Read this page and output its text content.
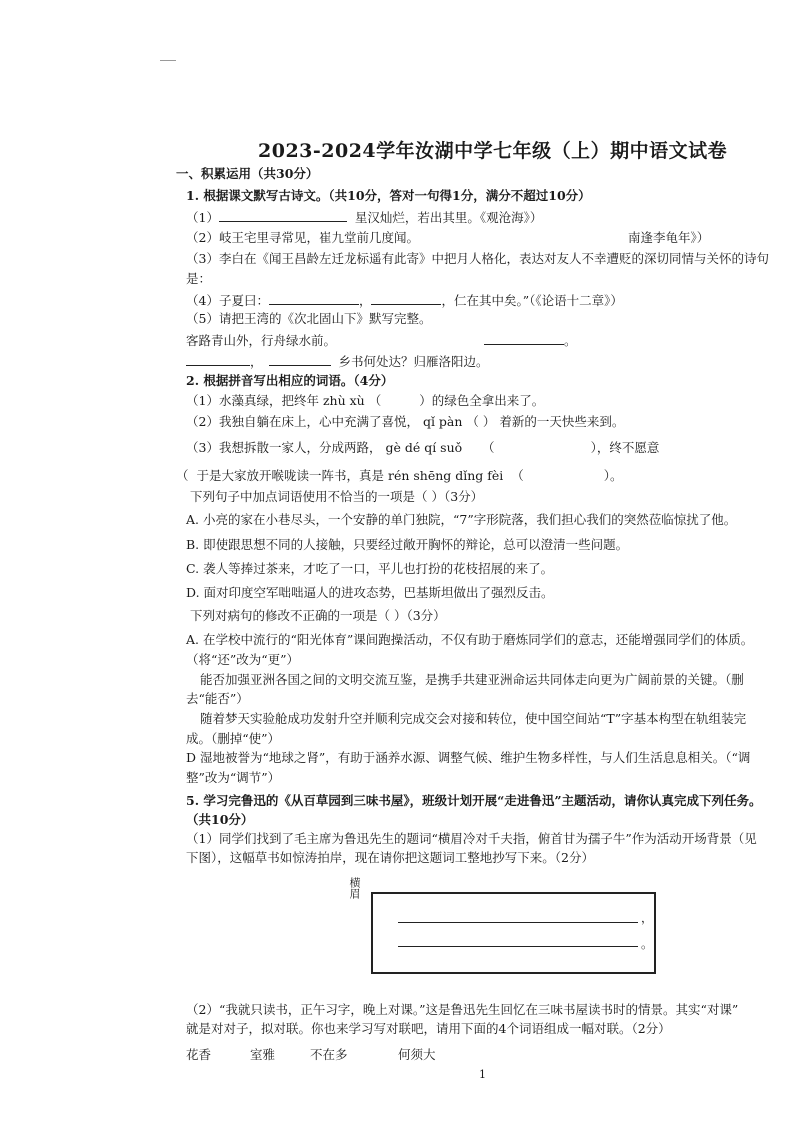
2023-2024学年汝湖中学七年级（上）期中语文试卷
一、积累运用（共30分）
1. 根据课文默写古诗文。（共10分，答对一句得1分，满分不超过10分）
（1）	星汉灿烂，若出其里。《观沧海》）
（2）岐王宅里寻常见，崔九堂前几度闻。	南逢李龟年》）
（3）李白在《闻王昌龄左迁龙标遥有此寄》中把月人格化，表达对友人不幸遭贬的深切同情与关怀的诗句
是：
（4）子夏曰：	，	，仁在其中矣。”（《论语十二章》）
（5）请把王湾的《次北固山下》默写完整。
客路青山外，行舟绿水前。	。
，	乡书何处达？归雁洛阳边。
2. 根据拼音写出相应的词语。（4分）
（1）水藻真绿，把终年 zhù xù （	）的绿色全拿出来了。
（2）我独自躺在床上，心中充满了喜悦， qǐ pàn （ ） 着新的一天快些来到。
（3）我想拆散一家人，分成两路， gè dé qí suǒ （	），终不愿意
（ 于是大家放开喉咙读一阵书，真是 rén shēng dǐng fèi （	）。
下列句子中加点词语使用不恰当的一项是（ ）（3分）
A. 小亮的家在小巷尽头，一个安静的单门独院，“7”字形院落，我们担心我们的突然莅临惊扰了他。
B. 即使跟思想不同的人接触，只要经过敞开胸怀的辩论，总可以澄清一些问题。
C. 袭人等捧过茶来，才吃了一口，平儿也打扮的花枝招展的来了。
D. 面对印度空军咄咄逼人的进攻态势，巴基斯坦做出了强烈反击。
下列对病句的修改不正确的一项是（ ）（3分）
A. 在学校中流行的“阳光体育”课间跑操活动，不仅有助于磨炼同学们的意志，还能增强同学们的体质。
（将“还”改为“更”）
能否加强亚洲各国之间的文明交流互鉴，是携手共建亚洲命运共同体走向更为广阔前景的关键。（删
去“能否”）
随着梦天实验舱成功发射升空并顺利完成交会对接和转位，使中国空间站“T”字基本构型在轨组装完
成。（删掉“使”）
D 湿地被誉为“地球之肾”，有助于涵养水源、调整气候、维护生物多样性，与人们生活息息相关。（“调
整”改为“调节”）
5. 学习完鲁迅的《从百草园到三味书屋》，班级计划开展“走进鲁迅”主题活动，请你认真完成下列任务。
（共10分）
（1）同学们找到了毛主席为鲁迅先生的题词“横眉冷对千夫指，俯首甘为孺子牛”作为活动开场背景（见
下图），这幅草书如惊涛拍岸，现在请你把这题词工整地抄写下来。（2分）
横眉
，
。
（2）“我就只读书，正午习字，晚上对课。”这是鲁迅先生回忆在三味书屋读书时的情景。其实“对课”
就是对对子，拟对联。你也来学习写对联吧，请用下面的4个词语组成一幅对联。（2分）
花香	室雅	不在多	何须大
1
